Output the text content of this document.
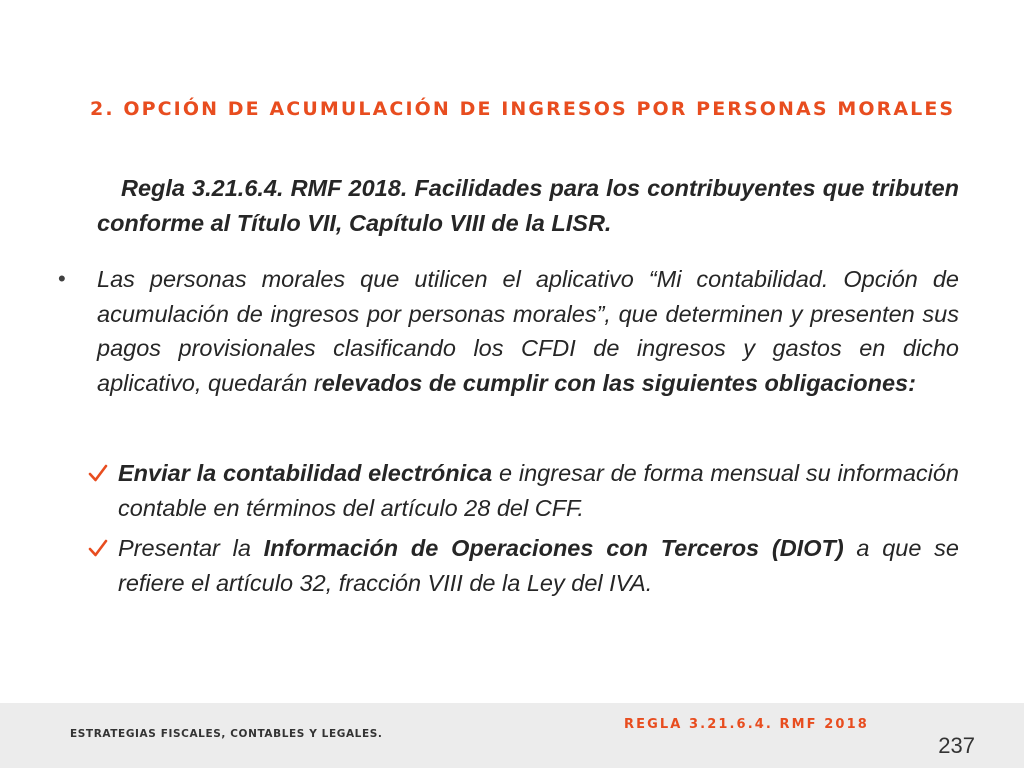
2. OPCIÓN DE ACUMULACIÓN DE INGRESOS POR PERSONAS MORALES
Regla 3.21.6.4. RMF 2018. Facilidades para los contribuyentes que tributen conforme al Título VII, Capítulo VIII de la LISR.
•	Las personas morales que utilicen el aplicativo “Mi contabilidad. Opción de acumulación de ingresos por personas morales”, que determinen y presenten sus pagos provisionales clasificando los CFDI de ingresos y gastos en dicho aplicativo, quedarán relevados de cumplir con las siguientes obligaciones:
Enviar la contabilidad electrónica e ingresar de forma mensual su información contable en términos del artículo 28 del CFF.
Presentar la Información de Operaciones con Terceros (DIOT) a que se refiere el artículo 32, fracción VIII de la Ley del IVA.
ESTRATEGIAS FISCALES, CONTABLES Y LEGALES.
REGLA 3.21.6.4. RMF 2018
237
